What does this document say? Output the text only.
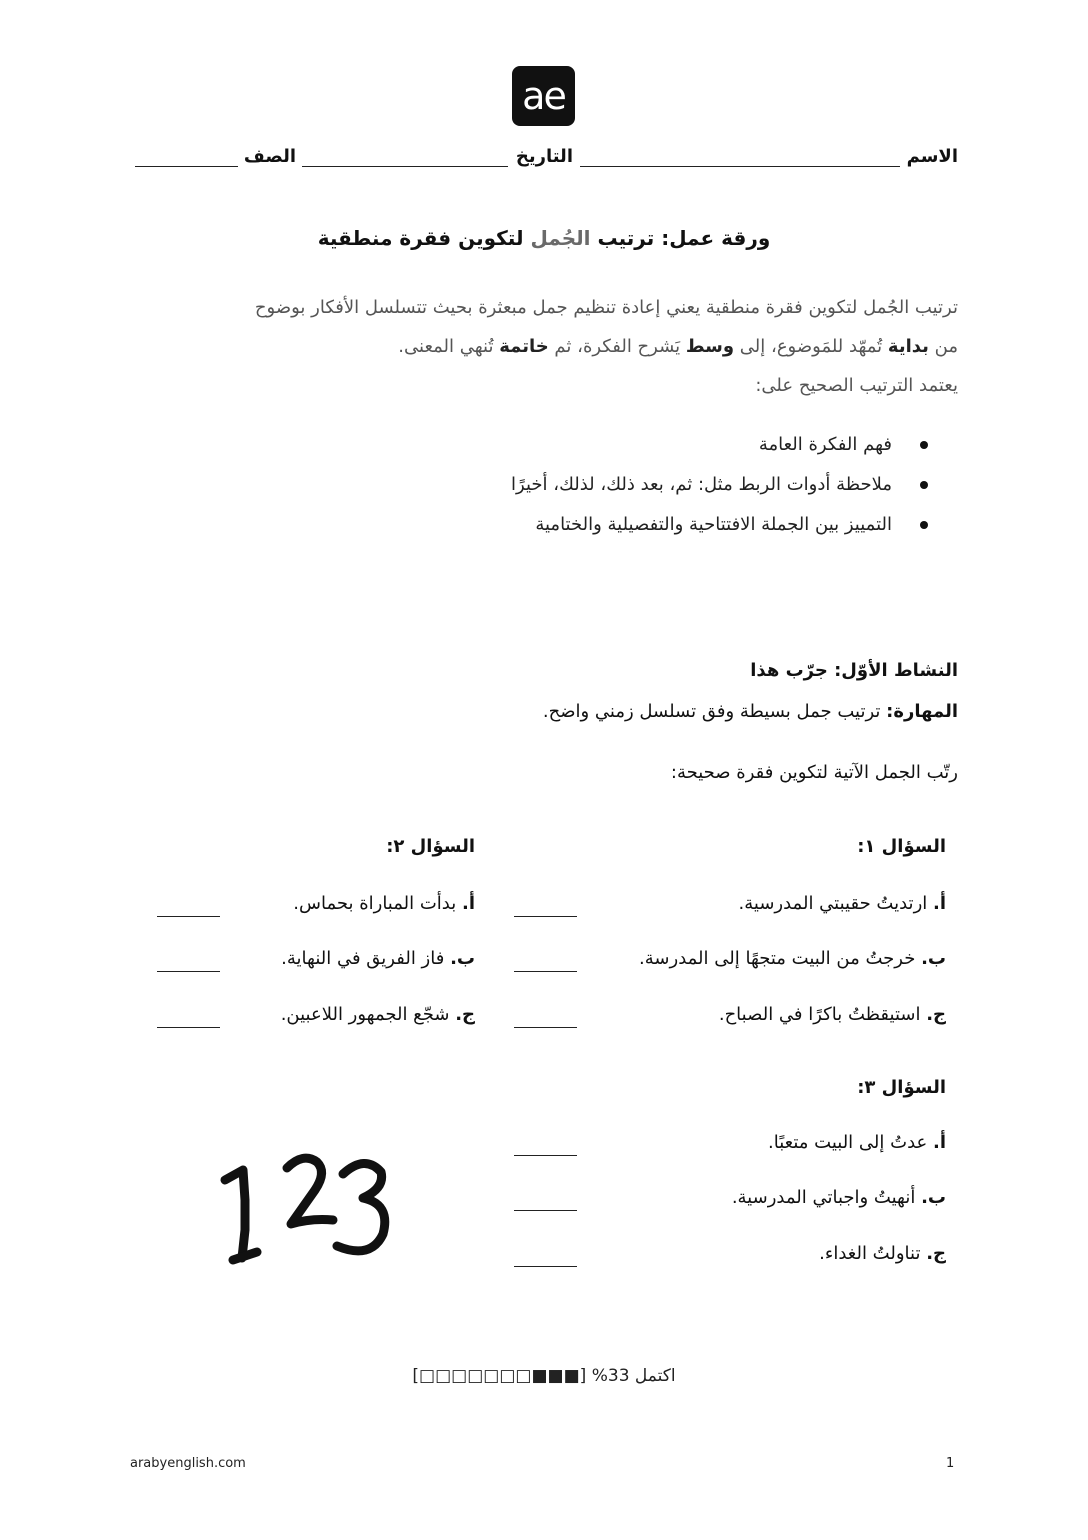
ae
الاسم
التاريخ
الصف
ورقة عمل: ترتيب الجُمل لتكوين فقرة منطقية
ترتيب الجُمل لتكوين فقرة منطقية يعني إعادة تنظيم جمل مبعثرة بحيث تتسلسل الأفكار بوضوح
من بداية تُمهّد للمَوضوع، إلى وسط يَشرح الفكرة، ثم خاتمة تُنهي المعنى.
يعتمد الترتيب الصحيح على:
فهم الفكرة العامة
ملاحظة أدوات الربط مثل: ثم، بعد ذلك، لذلك، أخيرًا
التمييز بين الجملة الافتتاحية والتفصيلية والختامية
النشاط الأوّل: جرّب هذا
المهارة: ترتيب جمل بسيطة وفق تسلسل زمني واضح.
رتّب الجمل الآتية لتكوين فقرة صحيحة:
السؤال ١:
أ. ارتديتُ حقيبتي المدرسية.
ب. خرجتُ من البيت متجهًا إلى المدرسة.
ج. استيقظتُ باكرًا في الصباح.
السؤال ٢:
أ. بدأت المباراة بحماس.
ب. فاز الفريق في النهاية.
ج. شجّع الجمهور اللاعبين.
السؤال ٣:
أ. عدتُ إلى البيت متعبًا.
ب. أنهيتُ واجباتي المدرسية.
ج. تناولتُ الغداء.
اكتمل 33% [■■■□□□□□□□]
arabyenglish.com	1
